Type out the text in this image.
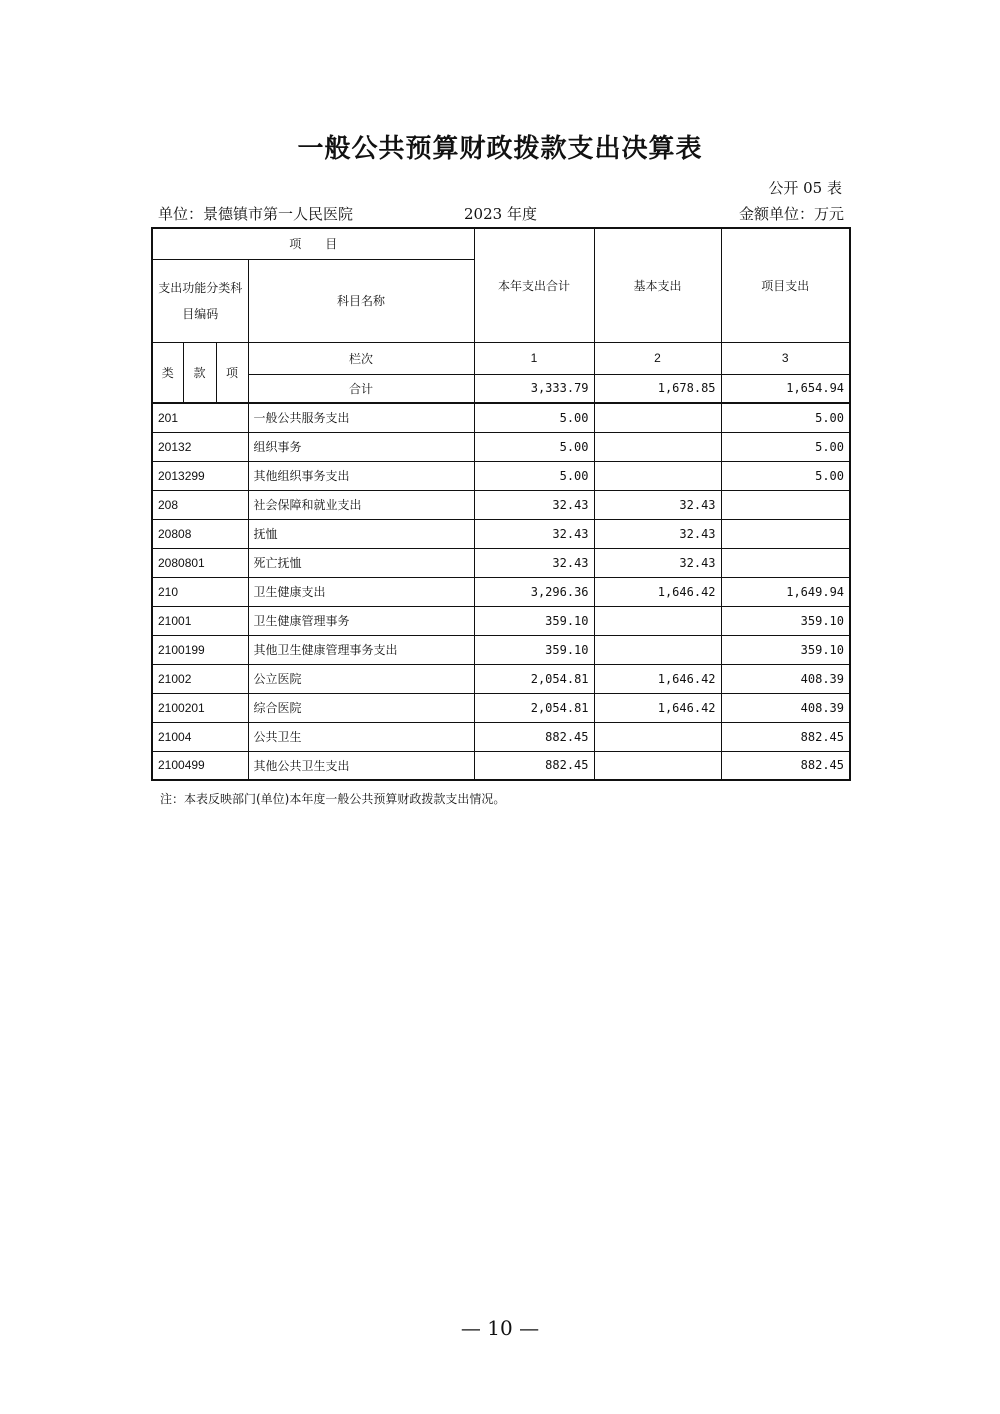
一般公共预算财政拨款支出决算表
公开 05 表
单位：景德镇市第一人民医院	2023 年度	金额单位：万元
项　　目				本年支出合计	基本支出	项目支出
支出功能分类科目编码			科目名称			
类	款	项	栏次	1	2	3
			合计	3,333.79	1,678.85	1,654.94
201			一般公共服务支出	5.00		5.00
20132			组织事务	5.00		5.00
2013299			其他组织事务支出	5.00		5.00
208			社会保障和就业支出	32.43	32.43	
20808			抚恤	32.43	32.43	
2080801			死亡抚恤	32.43	32.43	
210			卫生健康支出	3,296.36	1,646.42	1,649.94
21001			卫生健康管理事务	359.10		359.10
2100199			其他卫生健康管理事务支出	359.10		359.10
21002			公立医院	2,054.81	1,646.42	408.39
2100201			综合医院	2,054.81	1,646.42	408.39
21004			公共卫生	882.45		882.45
2100499			其他公共卫生支出	882.45		882.45
注：本表反映部门(单位)本年度一般公共预算财政拨款支出情况。
— 10 —
